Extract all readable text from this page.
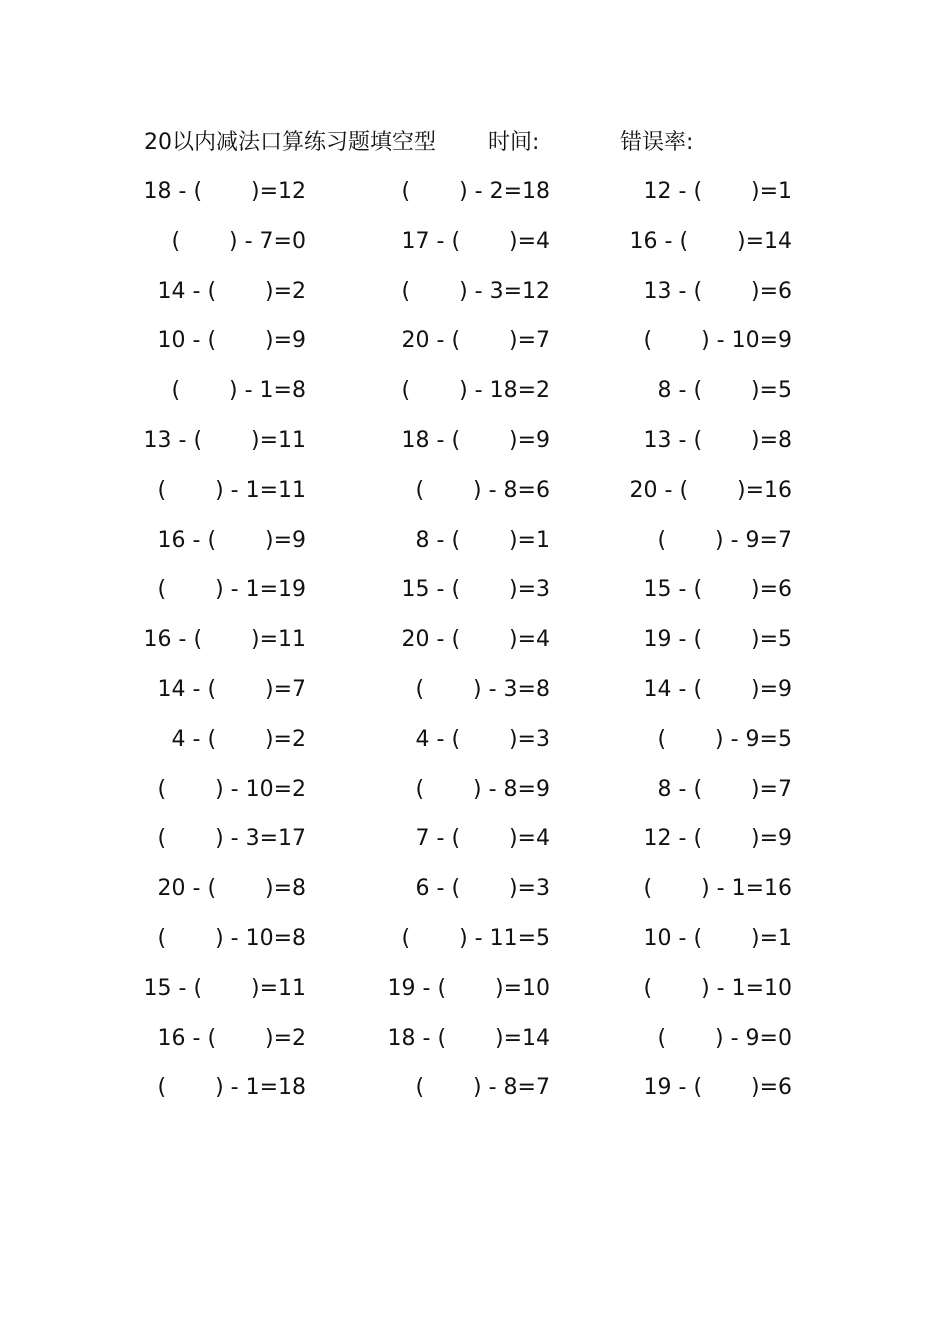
20以内减法口算练习题填空型 时间:	错误率:
18 - (       )=12	(       ) - 2=18	12 - (       )=1
(       ) - 7=0	17 - (       )=4	16 - (       )=14
14 - (       )=2	(       ) - 3=12	13 - (       )=6
10 - (       )=9	20 - (       )=7	(       ) - 10=9
(       ) - 1=8	(       ) - 18=2	8 - (       )=5
13 - (       )=11	18 - (       )=9	13 - (       )=8
(       ) - 1=11	(       ) - 8=6	20 - (       )=16
16 - (       )=9	8 - (       )=1	(       ) - 9=7
(       ) - 1=19	15 - (       )=3	15 - (       )=6
16 - (       )=11	20 - (       )=4	19 - (       )=5
14 - (       )=7	(       ) - 3=8	14 - (       )=9
4 - (       )=2	4 - (       )=3	(       ) - 9=5
(       ) - 10=2	(       ) - 8=9	8 - (       )=7
(       ) - 3=17	7 - (       )=4	12 - (       )=9
20 - (       )=8	6 - (       )=3	(       ) - 1=16
(       ) - 10=8	(       ) - 11=5	10 - (       )=1
15 - (       )=11	19 - (       )=10	(       ) - 1=10
16 - (       )=2	18 - (       )=14	(       ) - 9=0
(       ) - 1=18	(       ) - 8=7	19 - (       )=6
